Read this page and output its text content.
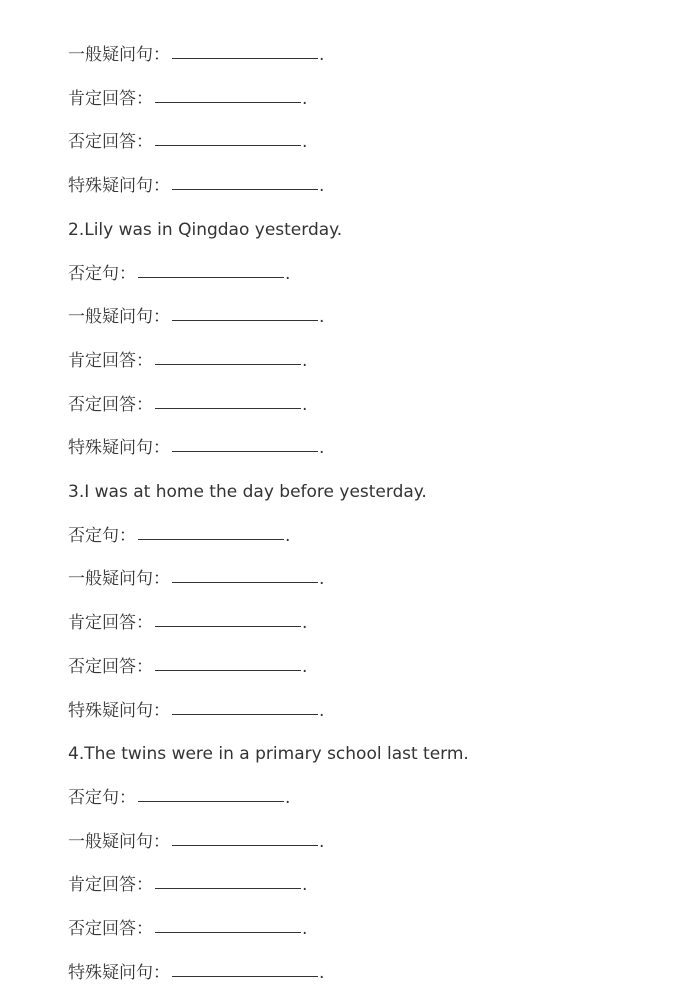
一般疑问句：	.
肯定回答：	.
否定回答：	.
特殊疑问句：	.
2.Lily was in Qingdao yesterday.
否定句：	.
一般疑问句：	.
肯定回答：	.
否定回答：	.
特殊疑问句：	.
3.I was at home the day before yesterday.
否定句：	.
一般疑问句：	.
肯定回答：	.
否定回答：	.
特殊疑问句：	.
4.The twins were in a primary school last term.
否定句：	.
一般疑问句：	.
肯定回答：	.
否定回答：	.
特殊疑问句：	.
